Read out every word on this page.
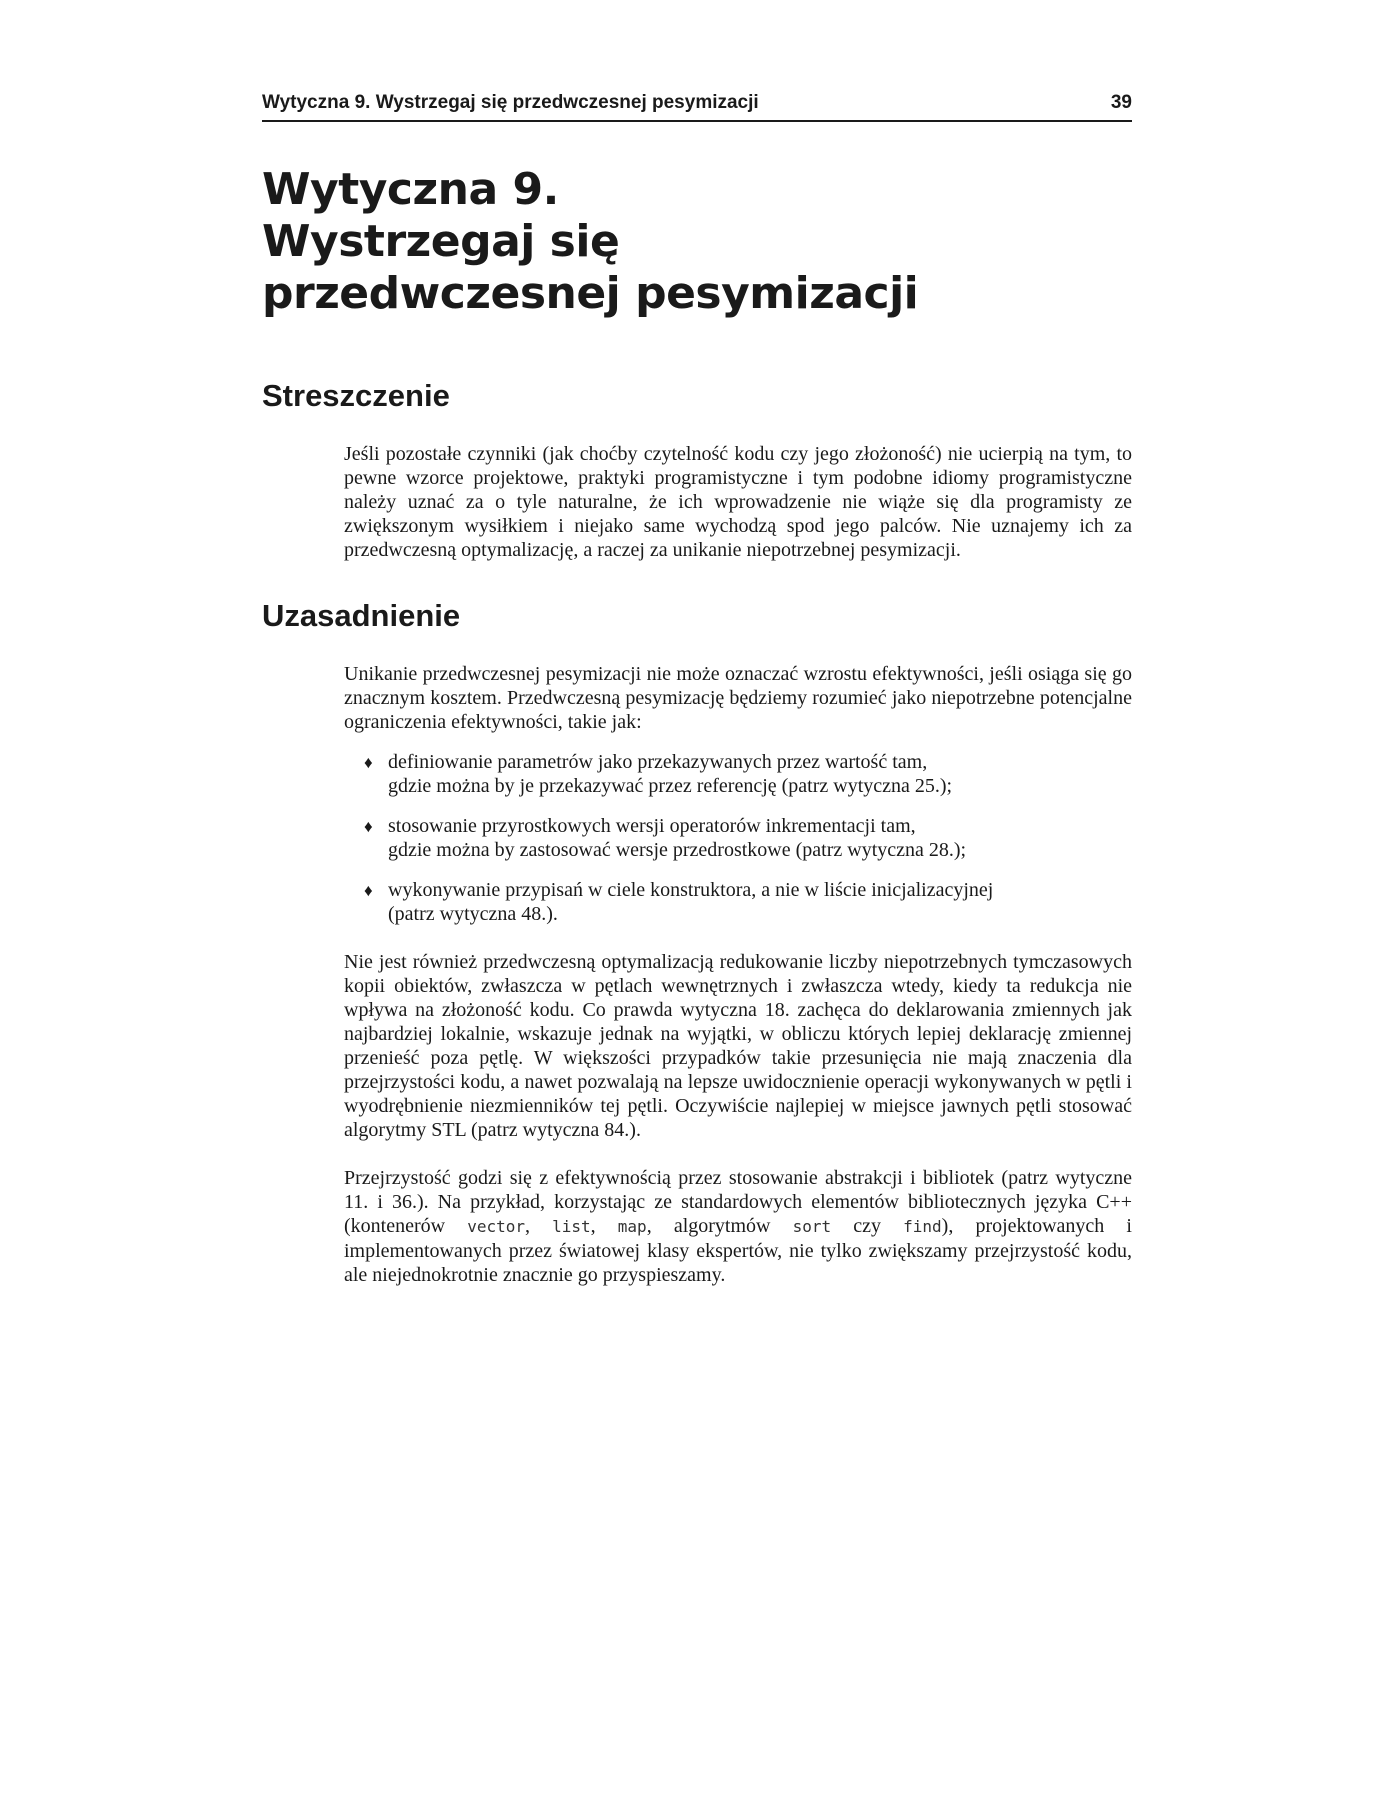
Wytyczna 9. Wystrzegaj się przedwczesnej pesymizacji	39
Wytyczna 9.
Wystrzegaj się
przedwczesnej pesymizacji
Streszczenie

Jeśli pozostałe czynniki (jak choćby czytelność kodu czy jego złożoność) nie ucierpią na tym, to pewne wzorce projektowe, praktyki programistyczne i tym podobne idiomy programistyczne należy uznać za o tyle naturalne, że ich wprowadzenie nie wiąże się dla programisty ze zwiększonym wysiłkiem i niejako same wychodzą spod jego palców. Nie uznajemy ich za przedwczesną optymalizację, a raczej za unikanie niepotrzebnej pesymizacji.

Uzasadnienie

Unikanie przedwczesnej pesymizacji nie może oznaczać wzrostu efektywności, jeśli osiąga się go znacznym kosztem. Przedwczesną pesymizację będziemy rozumieć jako niepotrzebne potencjalne ograniczenia efektywności, takie jak:

♦ definiowanie parametrów jako przekazywanych przez wartość tam,
gdzie można by je przekazywać przez referencję (patrz wytyczna 25.);
♦ stosowanie przyrostkowych wersji operatorów inkrementacji tam,
gdzie można by zastosować wersje przedrostkowe (patrz wytyczna 28.);
♦ wykonywanie przypisań w ciele konstruktora, a nie w liście inicjalizacyjnej
(patrz wytyczna 48.).

Nie jest również przedwczesną optymalizacją redukowanie liczby niepotrzebnych tymczasowych kopii obiektów, zwłaszcza w pętlach wewnętrznych i zwłaszcza wtedy, kiedy ta redukcja nie wpływa na złożoność kodu. Co prawda wytyczna 18. zachęca do deklarowania zmiennych jak najbardziej lokalnie, wskazuje jednak na wyjątki, w obliczu których lepiej deklarację zmiennej przenieść poza pętlę. W większości przypadków takie przesunięcia nie mają znaczenia dla przejrzystości kodu, a nawet pozwalają na lepsze uwidocznienie operacji wykonywanych w pętli i wyodrębnienie niezmienników tej pętli. Oczywiście najlepiej w miejsce jawnych pętli stosować algorytmy STL (patrz wytyczna 84.).

Przejrzystość godzi się z efektywnością przez stosowanie abstrakcji i bibliotek (patrz wytyczne 11. i 36.). Na przykład, korzystając ze standardowych elementów bibliotecznych języka C++ (kontenerów vector, list, map, algorytmów sort czy find), projektowanych i implementowanych przez światowej klasy ekspertów, nie tylko zwiększamy przejrzystość kodu, ale niejednokrotnie znacznie go przyspieszamy.
